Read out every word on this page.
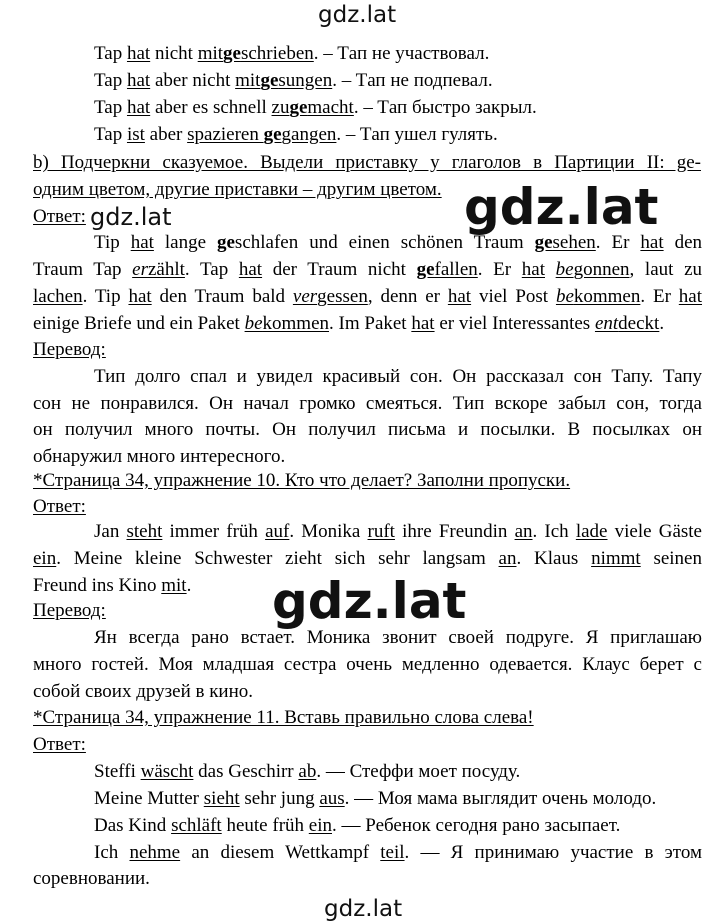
gdz.lat
gdz.lat	gdz.lat
gdz.lat
gdz.lat
Tap hat nicht mitgeschrieben. – Tап не участвовал.
Tap hat aber nicht mitgesungen. – Tап не подпевал.
Tap hat aber es schnell zugemacht. – Tап быстро закрыл.
Tap ist aber spazieren gegangen. – Tап ушел гулять.
b) Подчеркни сказуемое. Выдели приставку у глаголов в Партиции II: ge-
одним цветом, другие приставки – другим цветом.
Ответ:
Tip hat lange geschlafen und einen schönen Traum gesehen. Er hat den
Traum Tap erzählt. Tap hat der Traum nicht gefallen. Er hat begonnen, laut zu
lachen. Tip hat den Traum bald vergessen, denn er hat viel Post bekommen. Er hat
einige Briefe und ein Paket bekommen. Im Paket hat er viel Interessantes entdeckt.
Перевод:
Тип долго спал и увидел красивый сон. Он рассказал сон Тапу. Тапу
сон не понравился. Он начал громко смеяться. Тип вскоре забыл сон, тогда
он получил много почты. Он получил письма и посылки. В посылках он
обнаружил много интересного.
*Страница 34, упражнение 10. Кто что делает? Заполни пропуски.
Ответ:
Jan steht immer früh auf. Monika ruft ihre Freundin an. Ich lade viele Gäste
ein. Meine kleine Schwester zieht sich sehr langsam an. Klaus nimmt seinen
Freund ins Kino mit.
Перевод:
Ян всегда рано встает. Моника звонит своей подруге. Я приглашаю
много гостей. Моя младшая сестра очень медленно одевается. Клаус берет с
собой своих друзей в кино.
*Страница 34, упражнение 11. Вставь правильно слова слева!
Ответ:
Steffi wäscht das Geschirr ab. — Стеффи моет посуду.
Meine Mutter sieht sehr jung aus. — Моя мама выглядит очень молодо.
Das Kind schläft heute früh ein. — Ребенок сегодня рано засыпает.
Ich nehme an diesem Wettkampf teil. — Я принимаю участие в этом
соревновании.
